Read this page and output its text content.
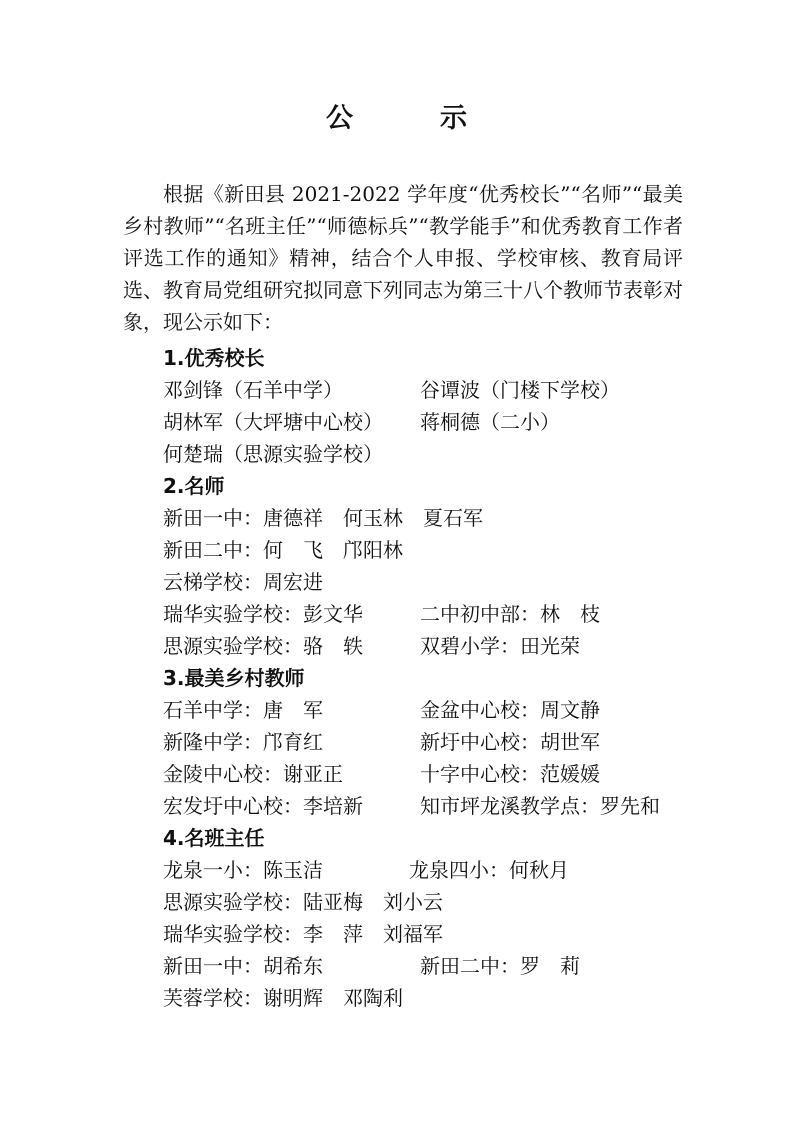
公　示

根据《新田县 2021-2022 学年度“优秀校长”“名师”“最美乡村教师”“名班主任”“师德标兵”“教学能手”和优秀教育工作者评选工作的通知》精神，结合个人申报、学校审核、教育局评选、教育局党组研究拟同意下列同志为第三十八个教师节表彰对象，现公示如下：

1.优秀校长
邓剑锋（石羊中学）	谷谭波（门楼下学校）
胡林军（大坪塘中心校） 蒋桐德（二小）
何楚瑞（思源实验学校）
2.名师
新田一中：唐德祥　何玉林　夏石军
新田二中：何　飞　邝阳林
云梯学校：周宏进
瑞华实验学校：彭文华	二中初中部：林　枝
思源实验学校：骆　轶	双碧小学：田光荣
3.最美乡村教师
石羊中学：唐　军	金盆中心校：周文静
新隆中学：邝育红	新圩中心校：胡世军
金陵中心校：谢亚正	十字中心校：范媛媛
宏发圩中心校：李培新	知市坪龙溪教学点：罗先和
4.名班主任
龙泉一小：陈玉洁	龙泉四小：何秋月
思源实验学校：陆亚梅　刘小云
瑞华实验学校：李　萍　刘福军
新田一中：胡希东	新田二中：罗　莉
芙蓉学校：谢明辉　邓陶利
